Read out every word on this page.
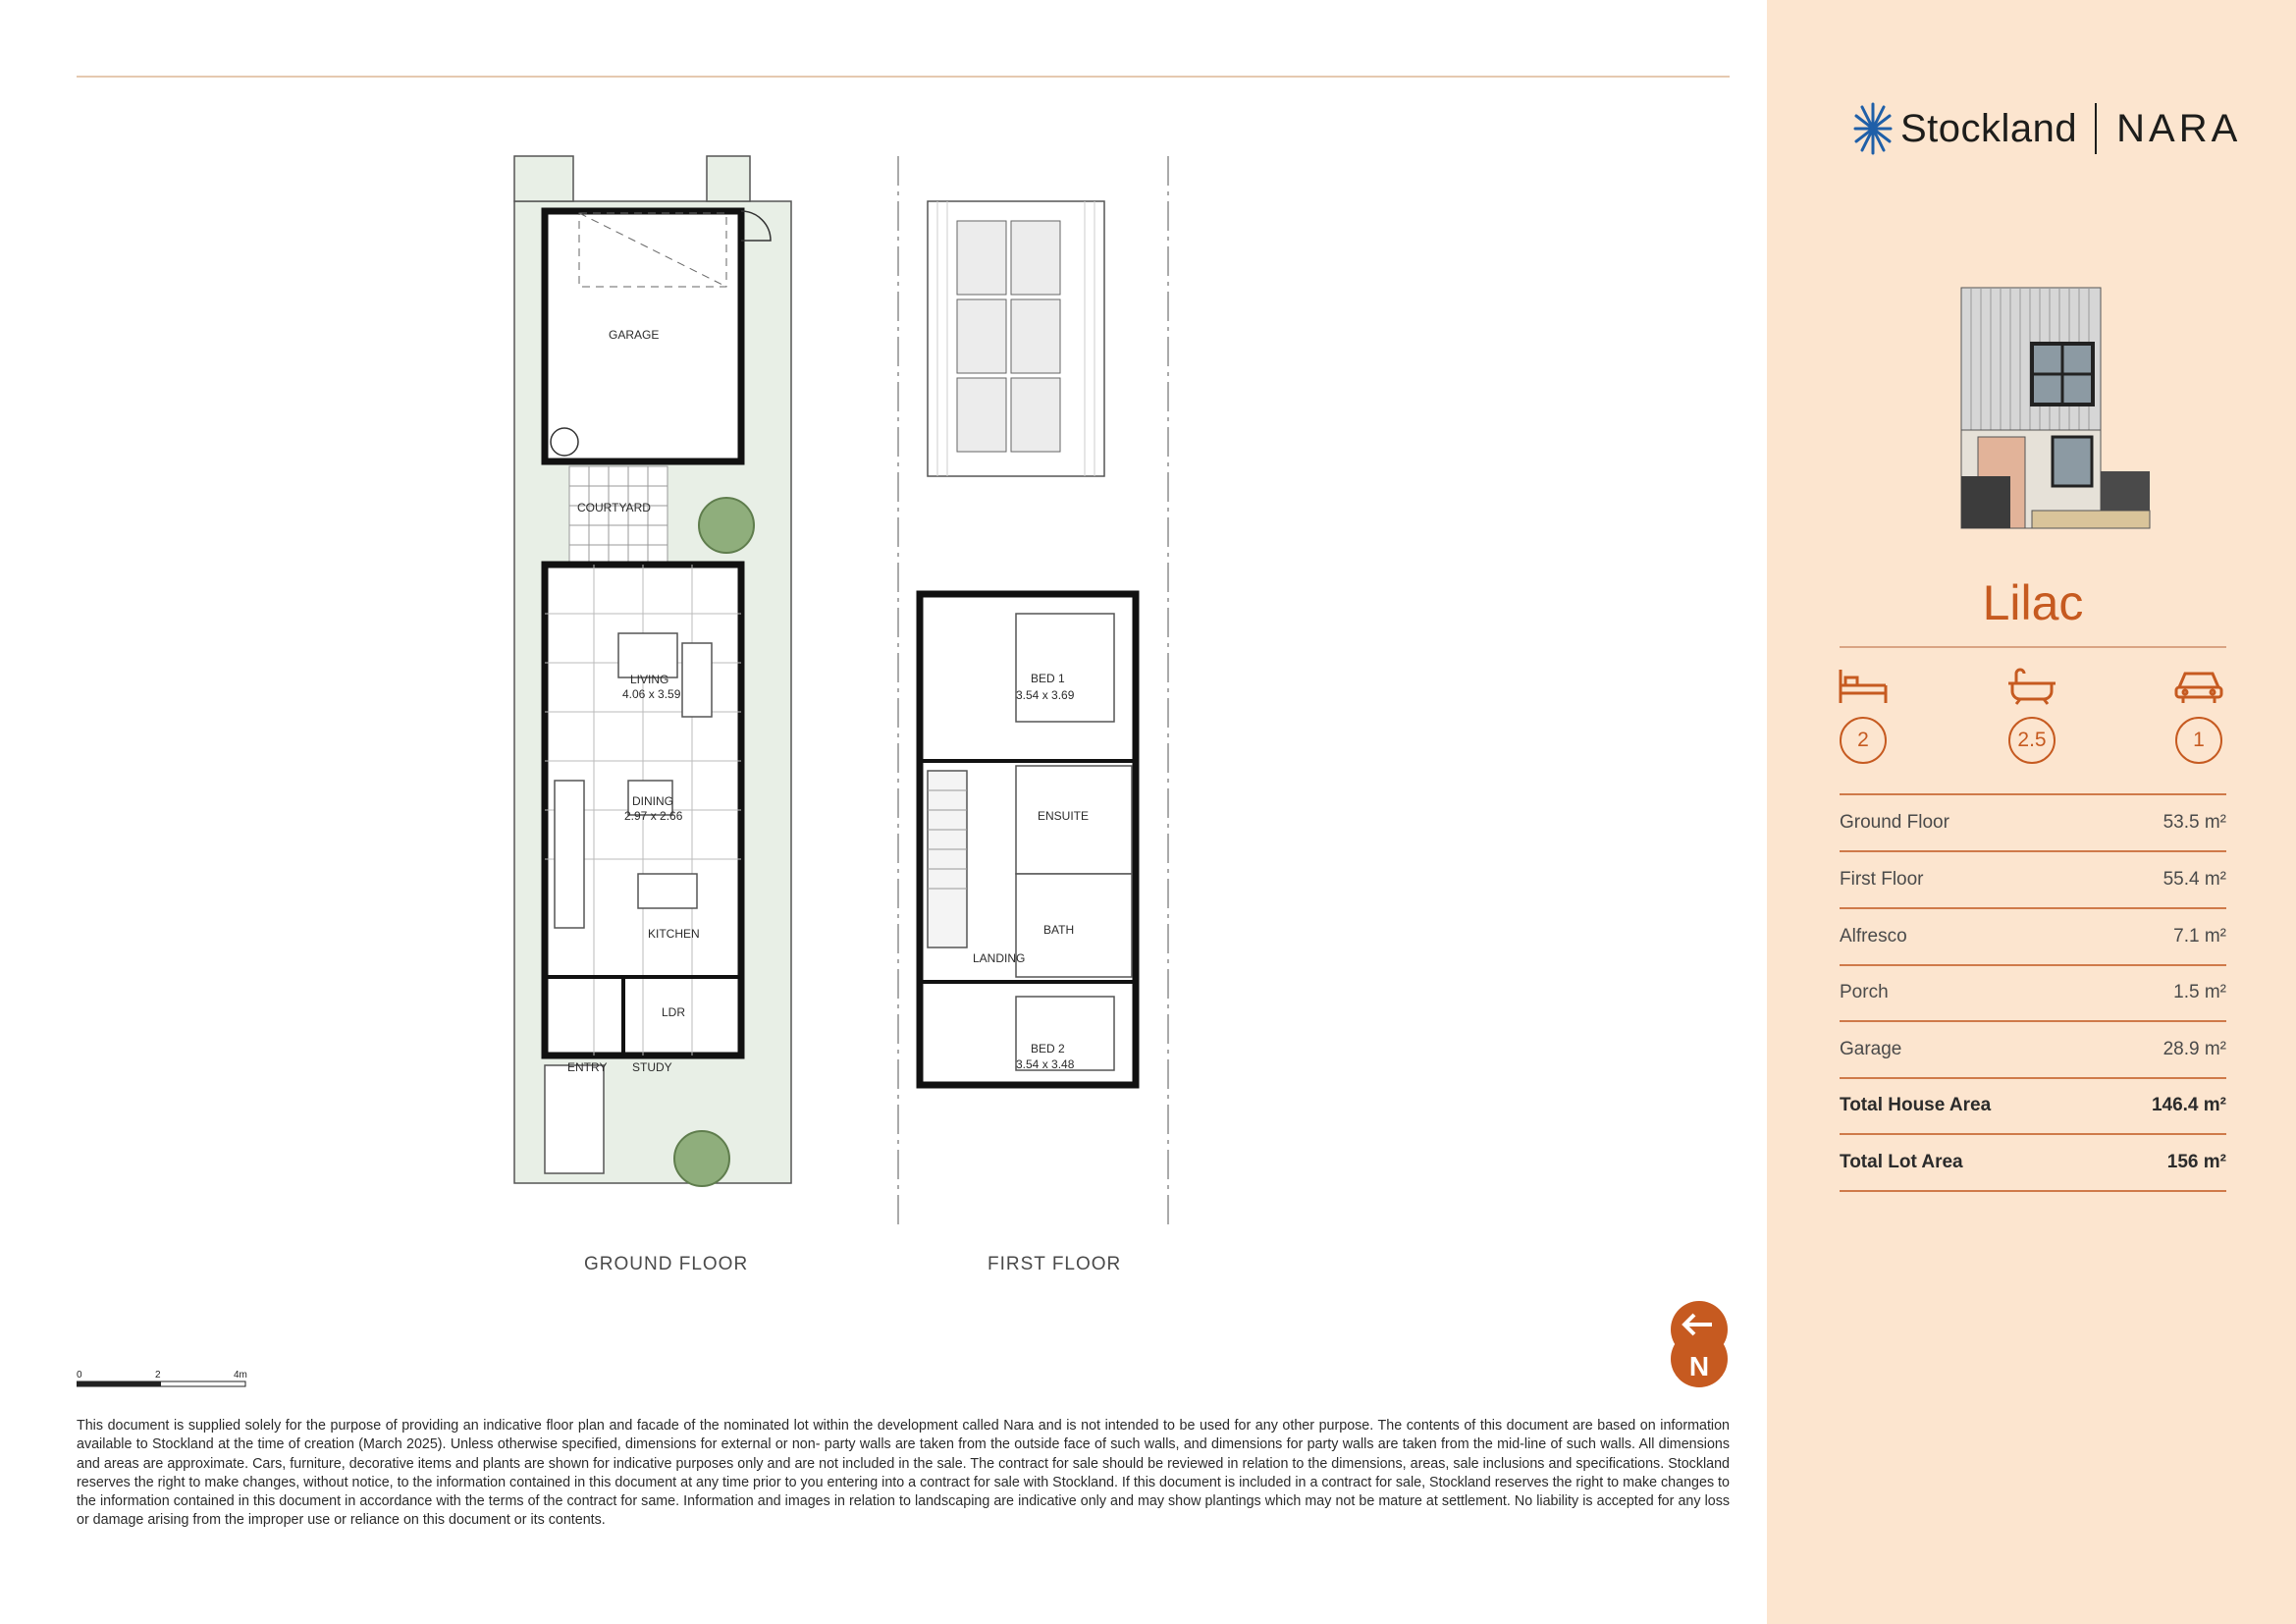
GARAGE
COURTYARD
LIVING
4.06 x 3.59
DINING
2.97 x 2.66
KITCHEN
LDR
ENTRY STUDY
BED 1
3.54 x 3.69
ENSUITE
BATH
LANDING
BED 2
3.54 x 3.48
GROUND FLOOR	FIRST FLOOR
0	2	4m	N
This document is supplied solely for the purpose of providing an indicative floor plan and facade of the nominated lot within the development called Nara and is not intended to be used for any other purpose. The contents of this document are based on information available to Stockland at the time of creation (March 2025). Unless otherwise specified, dimensions for external or non- party walls are taken from the outside face of such walls, and dimensions for party walls are taken from the mid-line of such walls. All dimensions and areas are approximate. Cars, furniture, decorative items and plants are shown for indicative purposes only and are not included in the sale. The contract for sale should be reviewed in relation to the dimensions, areas, sale inclusions and specifications. Stockland reserves the right to make changes, without notice, to the information contained in this document at any time prior to you entering into a contract for sale with Stockland. If this document is included in a contract for sale, Stockland reserves the right to make changes to the information contained in this document in accordance with the terms of the contract for same. Information and images in relation to landscaping are indicative only and may show plantings which may not be mature at settlement. No liability is accepted for any loss or damage arising from the improper use or reliance on this document or its contents.
Stockland NARA
Lilac
2	2.5	1
Ground Floor	53.5 m²
First Floor	55.4 m²
Alfresco	7.1 m²
Porch	1.5 m²
Garage	28.9 m²
Total House Area	146.4 m²
Total Lot Area	156 m²
